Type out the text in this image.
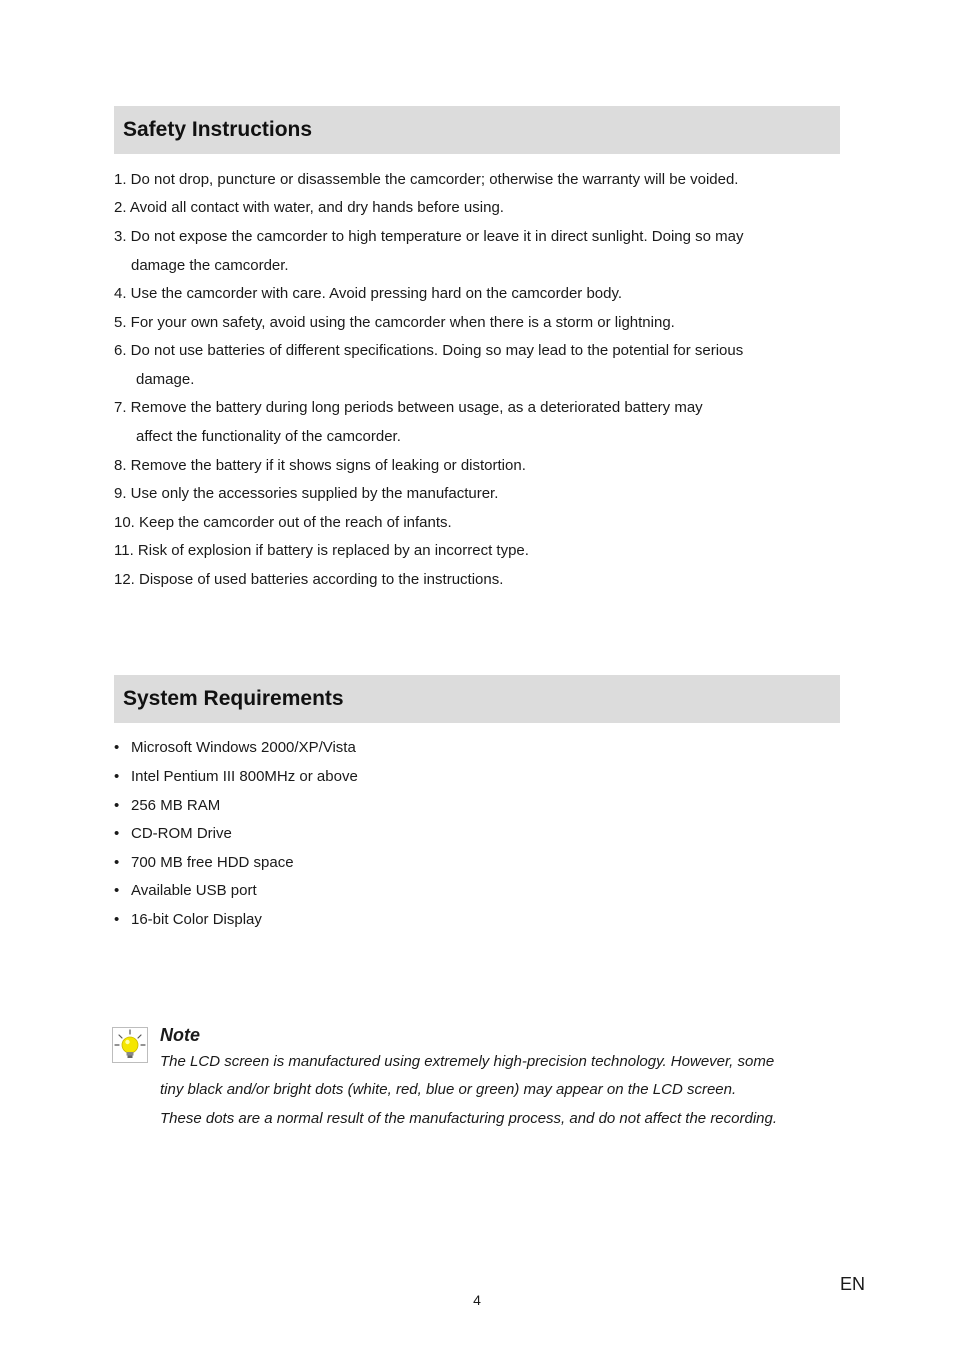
Safety Instructions
1. Do not drop, puncture or disassemble the camcorder; otherwise the warranty will be voided.
2. Avoid all contact with water, and dry hands before using.
3. Do not expose the camcorder to high temperature or leave it in direct sunlight. Doing so may
damage the camcorder.
4. Use the camcorder with care. Avoid pressing hard on the camcorder body.
5. For your own safety, avoid using the camcorder when there is a storm or lightning.
6. Do not use batteries of different specifications. Doing so may lead to the potential for serious
damage.
7. Remove the battery during long periods between usage, as a deteriorated battery may
affect the functionality of the camcorder.
8. Remove the battery if it shows signs of leaking or distortion.
9. Use only the accessories supplied by the manufacturer.
10. Keep the camcorder out of the reach of infants.
11. Risk of explosion if battery is replaced by an incorrect type.
12. Dispose of used batteries according to the instructions.
System Requirements
• Microsoft Windows 2000/XP/Vista
• Intel Pentium III 800MHz or above
• 256 MB RAM
• CD-ROM Drive
• 700 MB free HDD space
• Available USB port
• 16-bit Color Display
Note
The LCD screen is manufactured using extremely high-precision technology. However, some
tiny black and/or bright dots (white, red, blue or green) may appear on the LCD screen.
These dots are a normal result of the manufacturing process, and do not affect the recording.
4
EN
